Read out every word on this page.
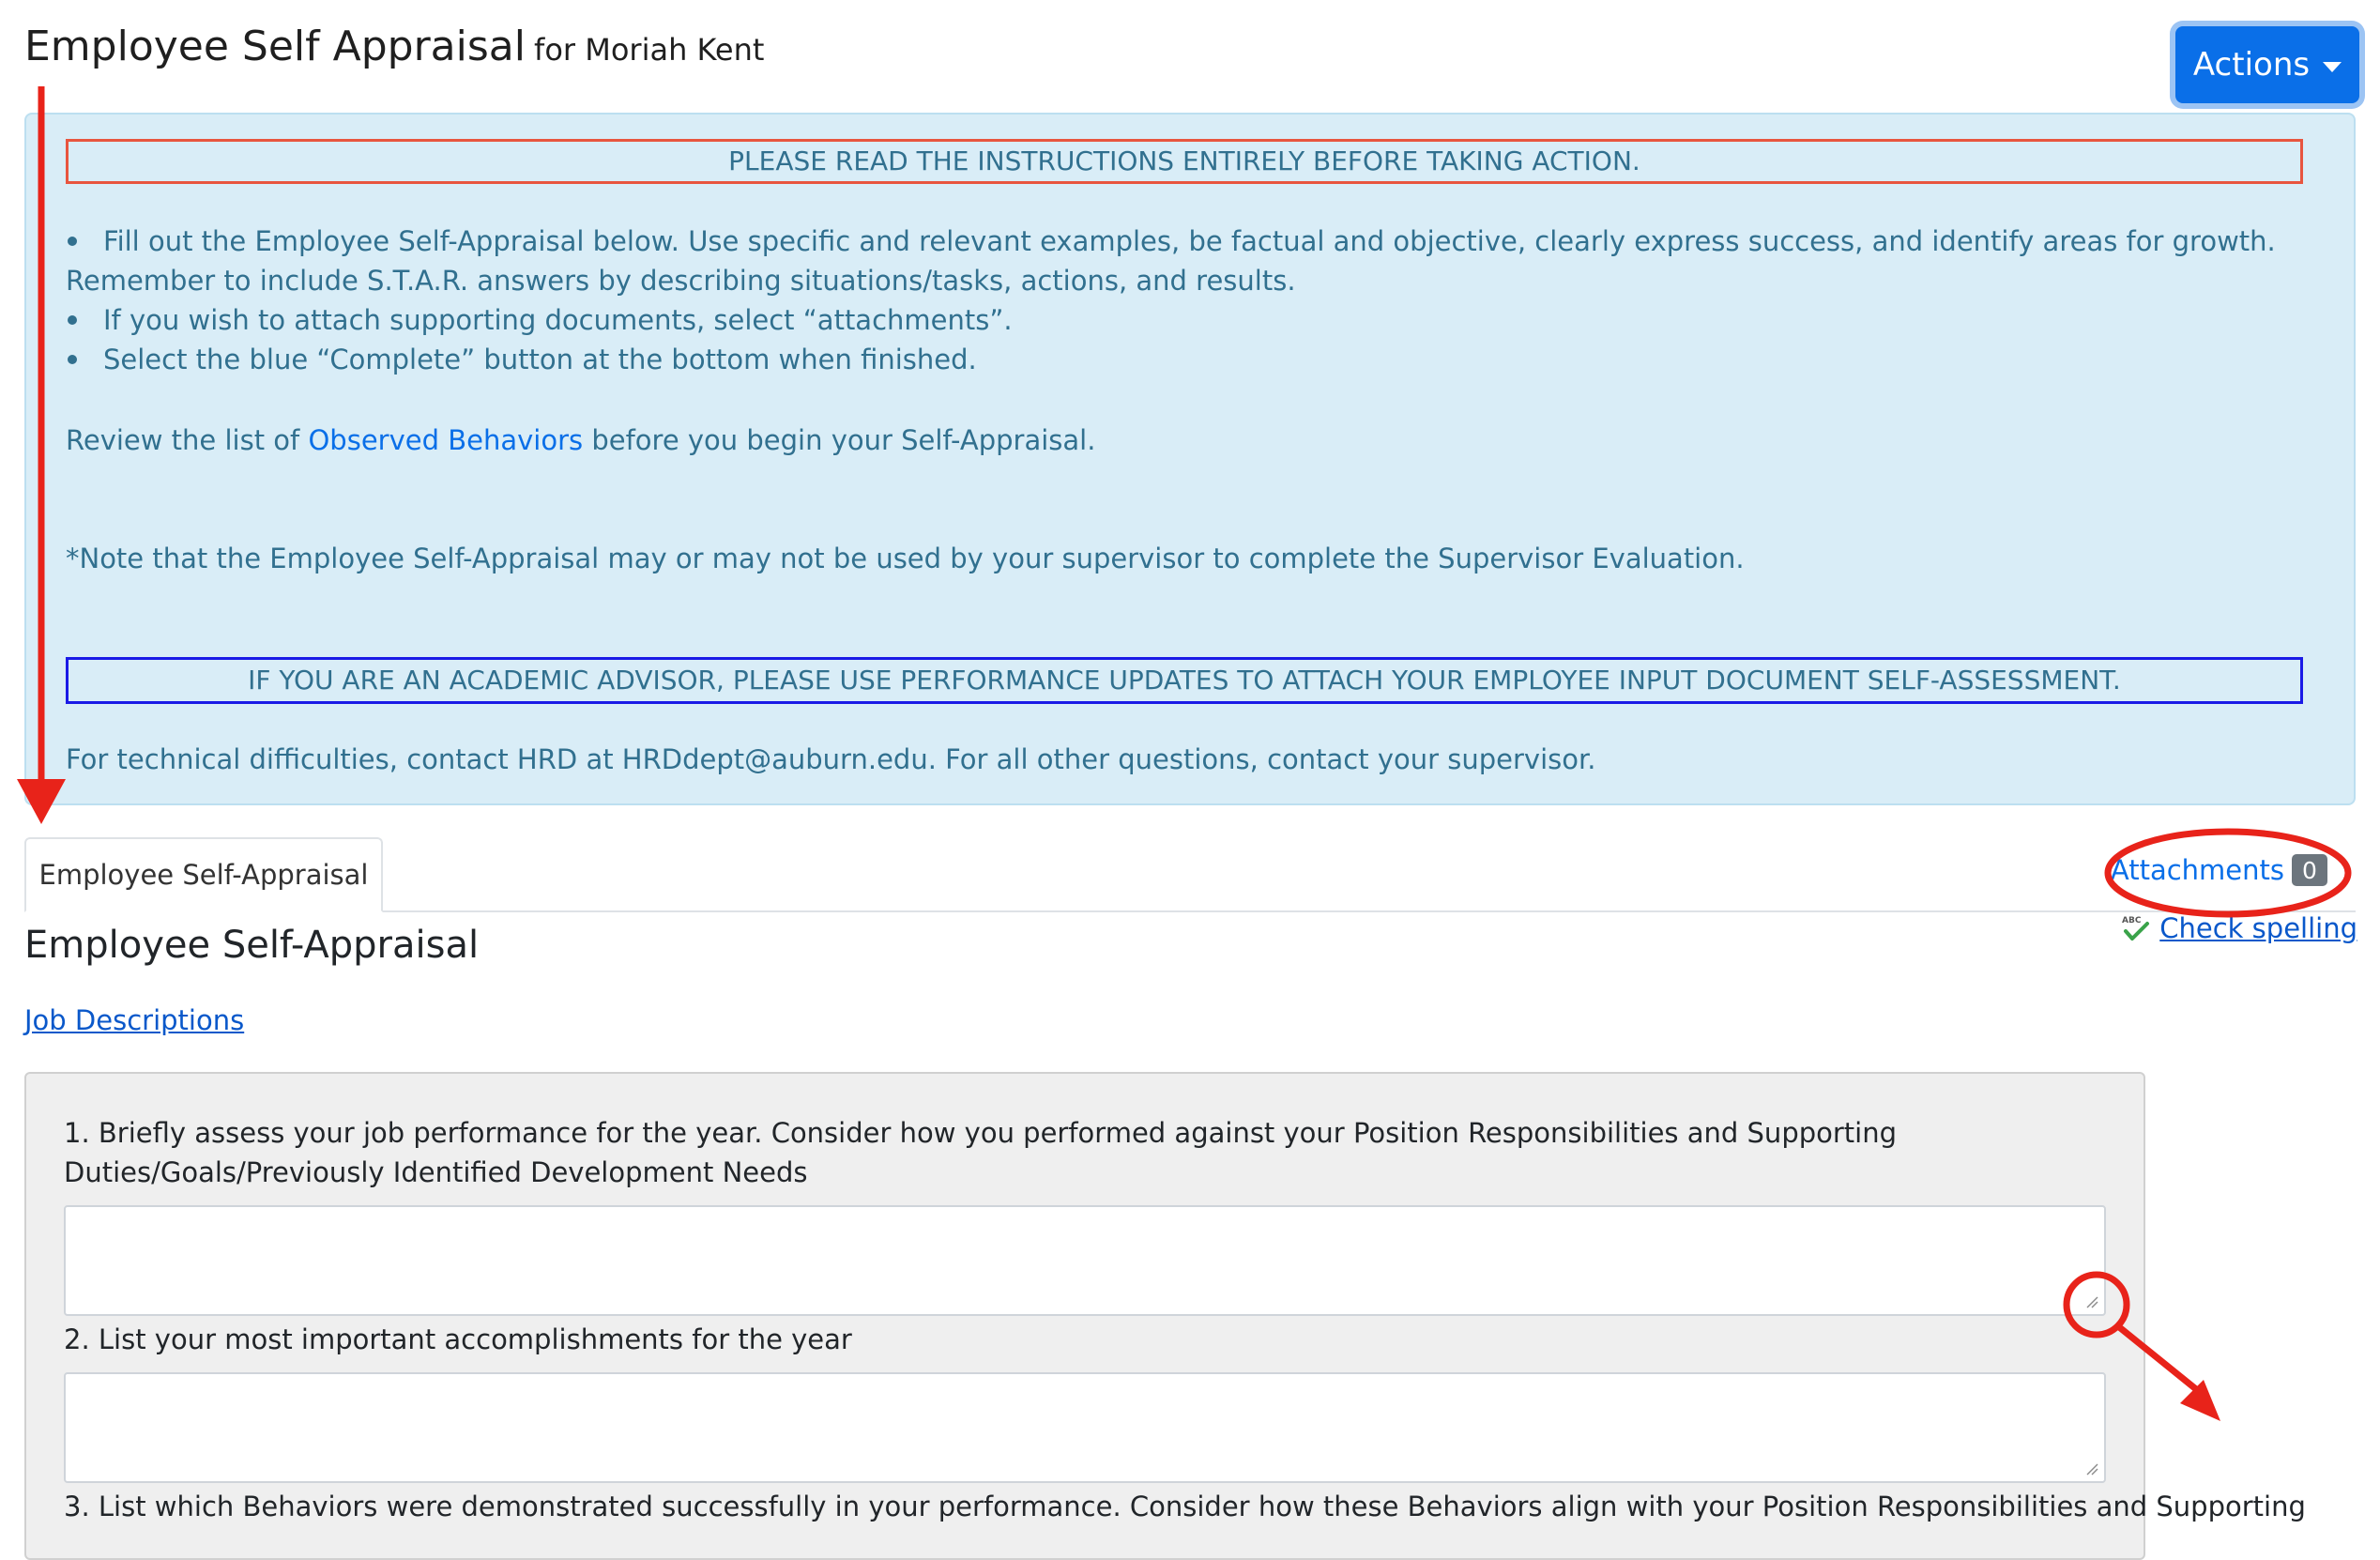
Employee Self Appraisal for Moriah Kent	Actions
PLEASE READ THE INSTRUCTIONS ENTIRELY BEFORE TAKING ACTION.
Fill out the Employee Self-Appraisal below. Use specific and relevant examples, be factual and objective, clearly express success, and identify areas for growth. Remember to include S.T.A.R. answers by describing situations/tasks, actions, and results.
If you wish to attach supporting documents, select “attachments”.
Select the blue “Complete” button at the bottom when finished.
Review the list of Observed Behaviors before you begin your Self-Appraisal.
*Note that the Employee Self-Appraisal may or may not be used by your supervisor to complete the Supervisor Evaluation.
IF YOU ARE AN ACADEMIC ADVISOR, PLEASE USE PERFORMANCE UPDATES TO ATTACH YOUR EMPLOYEE INPUT DOCUMENT SELF-ASSESSMENT.
For technical difficulties, contact HRD at HRDdept@auburn.edu. For all other questions, contact your supervisor.
Employee Self-Appraisal	Attachments 0
ABC Check spelling
Employee Self-Appraisal
Job Descriptions
1. Briefly assess your job performance for the year. Consider how you performed against your Position Responsibilities and Supporting Duties/Goals/Previously Identified Development Needs
2. List your most important accomplishments for the year
3. List which Behaviors were demonstrated successfully in your performance. Consider how these Behaviors align with your Position Responsibilities and Supporting
